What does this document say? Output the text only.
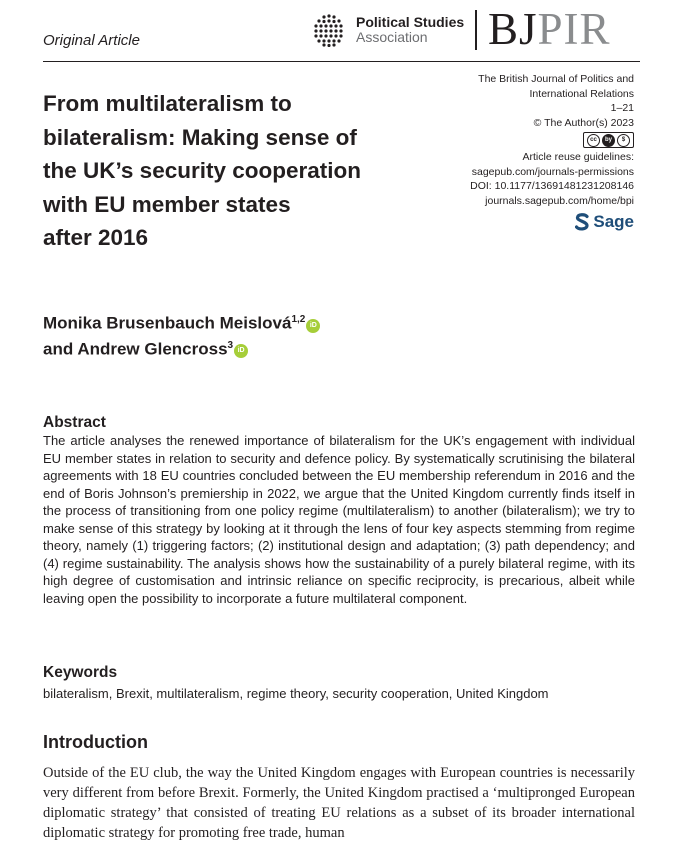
Original Article
Political Studies
Association	BJPIR
From multilateralism to
bilateralism: Making sense of
the UK’s security cooperation
with EU member states
after 2016
The British Journal of Politics and
International Relations
1–21
© The Author(s) 2023
cc by $
Article reuse guidelines:
sagepub.com/journals-permissions
DOI: 10.1177/13691481231208146
journals.sagepub.com/home/bpi
Sage
Monika Brusenbauch Meislová$^{1,2}$iD
and Andrew Glencross$^3$iD
Abstract
The article analyses the renewed importance of bilateralism for the UK’s engagement with individual EU member states in relation to security and defence policy. By systematically scrutinising the bilateral agreements with 18 EU countries concluded between the EU membership referendum in 2016 and the end of Boris Johnson’s premiership in 2022, we argue that the United Kingdom currently finds itself in the process of transitioning from one policy regime (multilateralism) to another (bilateralism); we try to make sense of this strategy by looking at it through the lens of four key aspects stemming from regime theory, namely (1) triggering factors; (2) institutional design and adaptation; (3) path dependency; and (4) regime sustainability. The analysis shows how the sustainability of a purely bilateral regime, with its high degree of customisation and intrinsic reliance on specific reciprocity, is precarious, albeit while leaving open the possibility to incorporate a future multilateral component.
Keywords
bilateralism, Brexit, multilateralism, regime theory, security cooperation, United Kingdom
Introduction
Outside of the EU club, the way the United Kingdom engages with European countries is necessarily very different from before Brexit. Formerly, the United Kingdom practised a ‘multipronged European diplomatic strategy’ that consisted of treating EU relations as a subset of its broader international diplomatic strategy for promoting free trade, human
